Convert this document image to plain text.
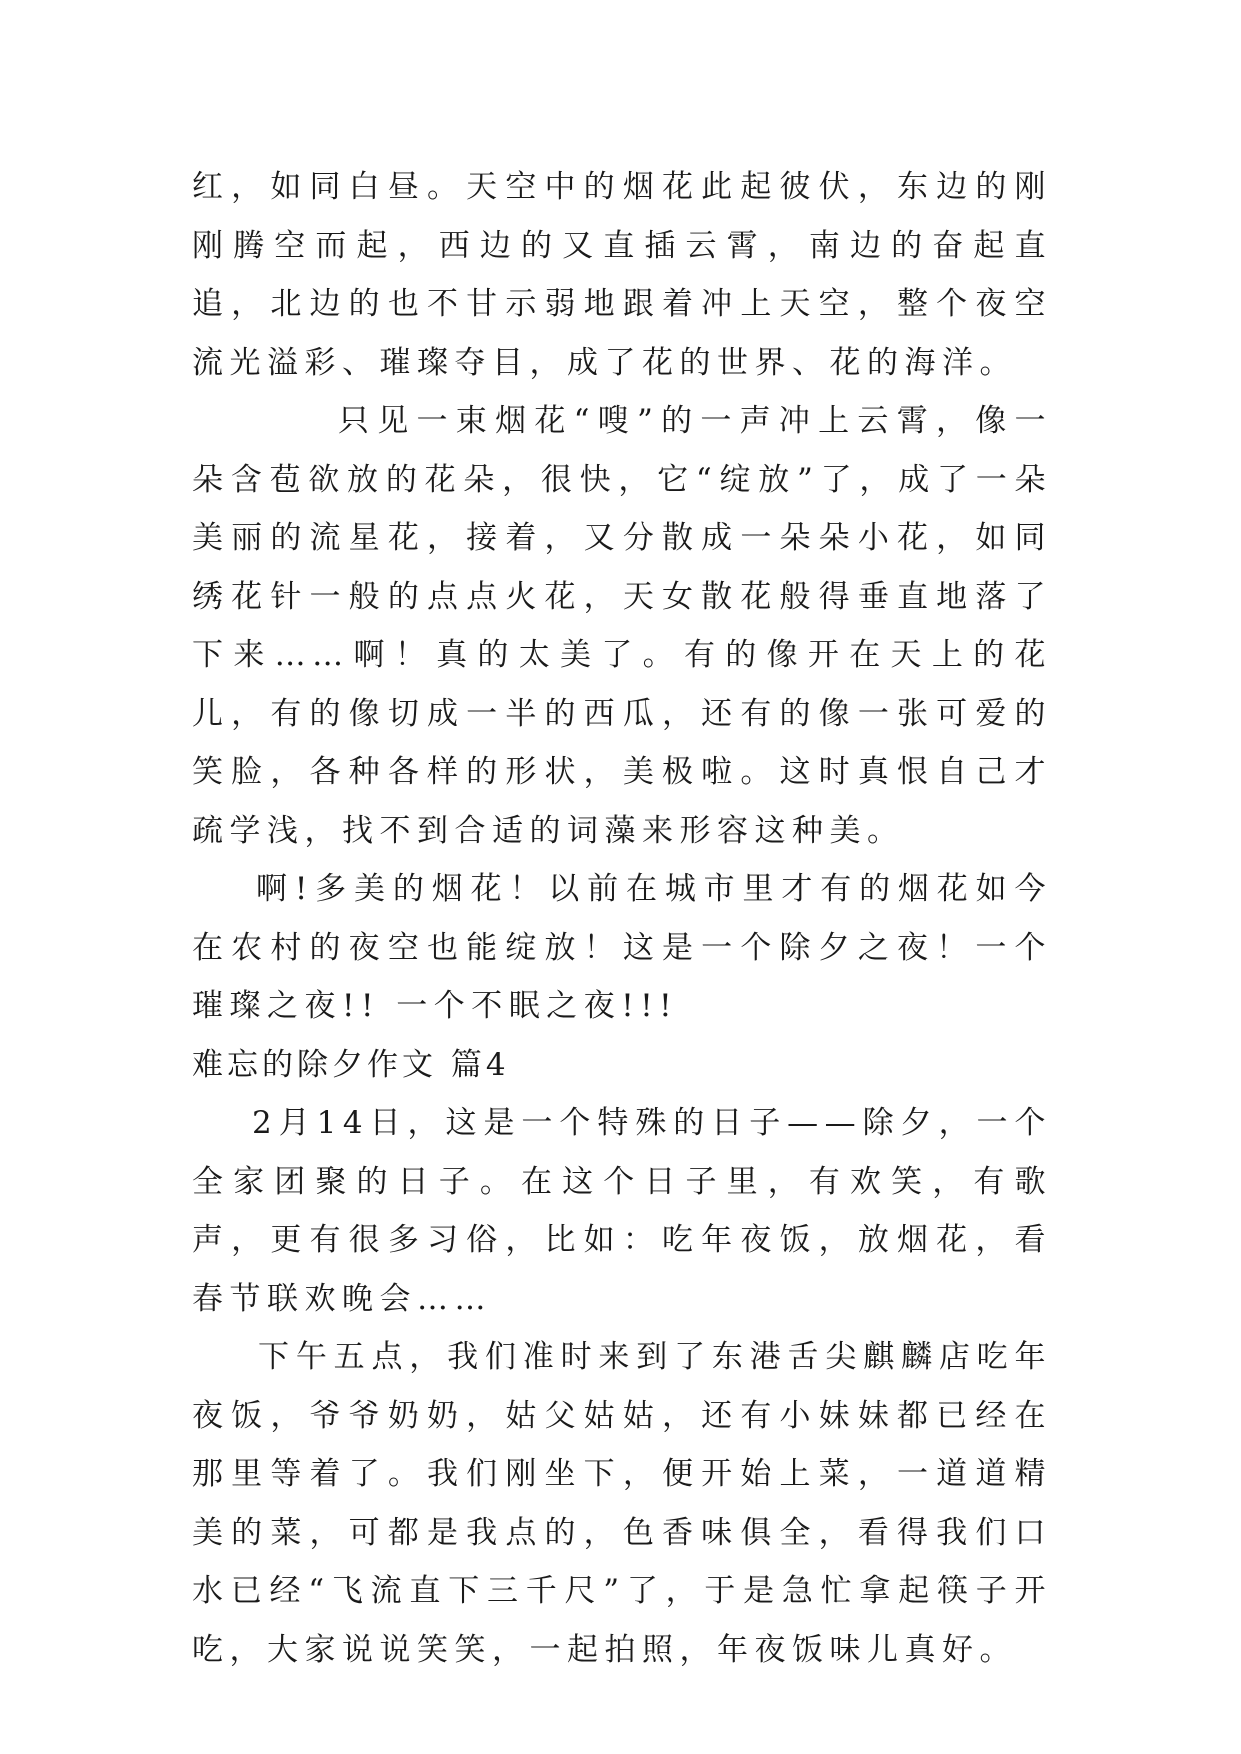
红，如同白昼。天空中的烟花此起彼伏，东边的刚刚腾空而起，西边的又直插云霄，南边的奋起直追，北边的也不甘示弱地跟着冲上天空，整个夜空流光溢彩、璀璨夺目，成了花的世界、花的海洋。

只见一束烟花“嗖”的一声冲上云霄，像一朵含苞欲放的花朵，很快，它“绽放”了，成了一朵美丽的流星花，接着，又分散成一朵朵小花，如同绣花针一般的点点火花，天女散花般得垂直地落了下来……啊！真的太美了。有的像开在天上的花儿，有的像切成一半的西瓜，还有的像一张可爱的笑脸，各种各样的形状，美极啦。这时真恨自己才疏学浅，找不到合适的词藻来形容这种美。

啊!多美的烟花！以前在城市里才有的烟花如今在农村的夜空也能绽放！这是一个除夕之夜！一个璀璨之夜!! 一个不眠之夜!!!

难忘的除夕作文 篇4

2月14日，这是一个特殊的日子——除夕，一个全家团聚的日子。在这个日子里，有欢笑，有歌声，更有很多习俗，比如：吃年夜饭，放烟花，看春节联欢晚会……

下午五点，我们准时来到了东港舌尖麒麟店吃年夜饭，爷爷奶奶，姑父姑姑，还有小妹妹都已经在那里等着了。我们刚坐下，便开始上菜，一道道精美的菜，可都是我点的，色香味俱全，看得我们口水已经“飞流直下三千尺”了，于是急忙拿起筷子开吃，大家说说笑笑，一起拍照，年夜饭味儿真好。
